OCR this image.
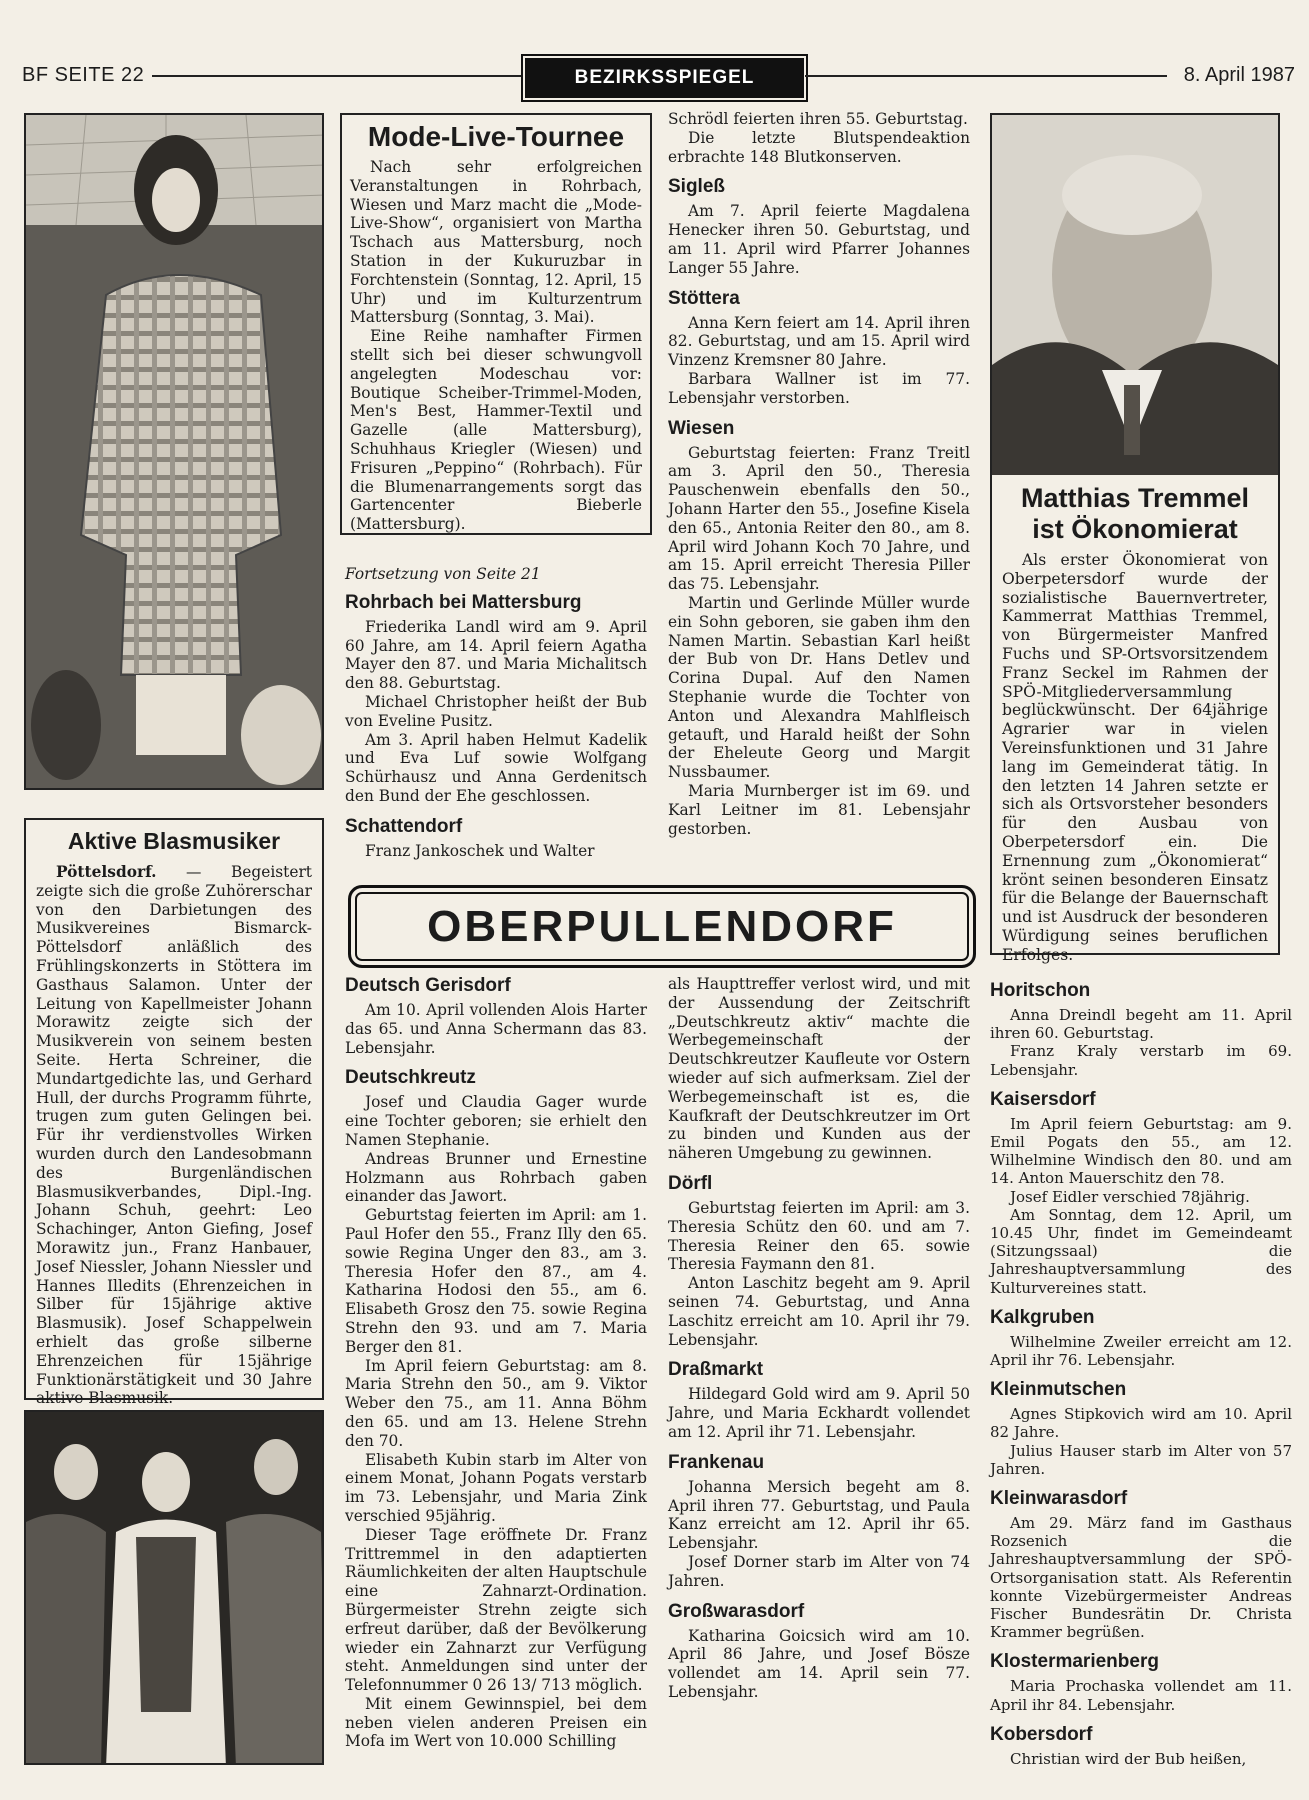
BF SEITE 22	BEZIRKSSPIEGEL	8. April 1987
Mode-Live-Tournee

Nach sehr erfolgreichen Veranstaltungen in Rohrbach, Wiesen und Marz macht die „Mode-Live-Show“, organisiert von Martha Tschach aus Mattersburg, noch Station in der Kukuruzbar in Forchtenstein (Sonntag, 12. April, 15 Uhr) und im Kulturzentrum Mattersburg (Sonntag, 3. Mai).

Eine Reihe namhafter Firmen stellt sich bei dieser schwungvoll angelegten Modeschau vor: Boutique Scheiber-Trimmel-Moden, Men's Best, Hammer-Textil und Gazelle (alle Mattersburg), Schuhhaus Kriegler (Wiesen) und Frisuren „Peppino“ (Rohrbach). Für die Blumenarrangements sorgt das Gartencenter Bieberle (Mattersburg).

Fortsetzung von Seite 21
Rohrbach bei Mattersburg

Friederika Landl wird am 9. April 60 Jahre, am 14. April feiern Agatha Mayer den 87. und Maria Michalitsch den 88. Geburtstag.

Michael Christopher heißt der Bub von Eveline Pusitz.

Am 3. April haben Helmut Kadelik und Eva Luf sowie Wolfgang Schürhausz und Anna Gerdenitsch den Bund der Ehe geschlossen.

Schattendorf

Franz Jankoschek und Walter

Schrödl feierten ihren 55. Geburtstag.

Die letzte Blutspendeaktion erbrachte 148 Blutkonserven.

Sigleß

Am 7. April feierte Magdalena Henecker ihren 50. Geburtstag, und am 11. April wird Pfarrer Johannes Langer 55 Jahre.

Stöttera

Anna Kern feiert am 14. April ihren 82. Geburtstag, und am 15. April wird Vinzenz Kremsner 80 Jahre.

Barbara Wallner ist im 77. Lebensjahr verstorben.

Wiesen

Geburtstag feierten: Franz Treitl am 3. April den 50., Theresia Pauschenwein ebenfalls den 50., Johann Harter den 55., Josefine Kisela den 65., Antonia Reiter den 80., am 8. April wird Johann Koch 70 Jahre, und am 15. April erreicht Theresia Piller das 75. Lebensjahr.

Martin und Gerlinde Müller wurde ein Sohn geboren, sie gaben ihm den Namen Martin. Sebastian Karl heißt der Bub von Dr. Hans Detlev und Corina Dupal. Auf den Namen Stephanie wurde die Tochter von Anton und Alexandra Mahlfleisch getauft, und Harald heißt der Sohn der Eheleute Georg und Margit Nussbaumer.

Maria Murnberger ist im 69. und Karl Leitner im 81. Lebensjahr gestorben.

Matthias Tremmel ist Ökonomierat

Als erster Ökonomierat von Oberpetersdorf wurde der sozialistische Bauernvertreter, Kammerrat Matthias Tremmel, von Bürgermeister Manfred Fuchs und SP-Ortsvorsitzendem Franz Seckel im Rahmen der SPÖ-Mitgliederversammlung beglückwünscht. Der 64jährige Agrarier war in vielen Vereinsfunktionen und 31 Jahre lang im Gemeinderat tätig. In den letzten 14 Jahren setzte er sich als Ortsvorsteher besonders für den Ausbau von Oberpetersdorf ein. Die Ernennung zum „Ökonomierat“ krönt seinen besonderen Einsatz für die Belange der Bauernschaft und ist Ausdruck der besonderen Würdigung seines beruflichen Erfolges.

Aktive Blasmusiker

Pöttelsdorf. — Begeistert zeigte sich die große Zuhörerschar von den Darbietungen des Musikvereines Bismarck-Pöttelsdorf anläßlich des Frühlingskonzerts in Stöttera im Gasthaus Salamon. Unter der Leitung von Kapellmeister Johann Morawitz zeigte sich der Musikverein von seinem besten Seite. Herta Schreiner, die Mundartgedichte las, und Gerhard Hull, der durchs Programm führte, trugen zum guten Gelingen bei. Für ihr verdienstvolles Wirken wurden durch den Landesobmann des Burgenländischen Blasmusikverbandes, Dipl.-Ing. Johann Schuh, geehrt: Leo Schachinger, Anton Giefing, Josef Morawitz jun., Franz Hanbauer, Josef Niessler, Johann Niessler und Hannes Illedits (Ehrenzeichen in Silber für 15jährige aktive Blasmusik). Josef Schappelwein erhielt das große silberne Ehrenzeichen für 15jährige Funktionärstätigkeit und 30 Jahre aktive Blasmusik.

OBERPULLENDORF
Deutsch Gerisdorf

Am 10. April vollenden Alois Harter das 65. und Anna Schermann das 83. Lebensjahr.

Deutschkreutz

Josef und Claudia Gager wurde eine Tochter geboren; sie erhielt den Namen Stephanie.

Andreas Brunner und Ernestine Holzmann aus Rohrbach gaben einander das Jawort.

Geburtstag feierten im April: am 1. Paul Hofer den 55., Franz Illy den 65. sowie Regina Unger den 83., am 3. Theresia Hofer den 87., am 4. Katharina Hodosi den 55., am 6. Elisabeth Grosz den 75. sowie Regina Strehn den 93. und am 7. Maria Berger den 81.

Im April feiern Geburtstag: am 8. Maria Strehn den 50., am 9. Viktor Weber den 75., am 11. Anna Böhm den 65. und am 13. Helene Strehn den 70.

Elisabeth Kubin starb im Alter von einem Monat, Johann Pogats verstarb im 73. Lebensjahr, und Maria Zink verschied 95jährig.

Dieser Tage eröffnete Dr. Franz Trittremmel in den adaptierten Räumlichkeiten der alten Hauptschule eine Zahnarzt-Ordination. Bürgermeister Strehn zeigte sich erfreut darüber, daß der Bevölkerung wieder ein Zahnarzt zur Verfügung steht. Anmeldungen sind unter der Telefonnummer 0 26 13/ 713 möglich.

Mit einem Gewinnspiel, bei dem neben vielen anderen Preisen ein Mofa im Wert von 10.000 Schilling

als Haupttreffer verlost wird, und mit der Aussendung der Zeitschrift „Deutschkreutz aktiv“ machte die Werbegemeinschaft der Deutschkreutzer Kaufleute vor Ostern wieder auf sich aufmerksam. Ziel der Werbegemeinschaft ist es, die Kaufkraft der Deutschkreutzer im Ort zu binden und Kunden aus der näheren Umgebung zu gewinnen.

Dörfl

Geburtstag feierten im April: am 3. Theresia Schütz den 60. und am 7. Theresia Reiner den 65. sowie Theresia Faymann den 81.

Anton Laschitz begeht am 9. April seinen 74. Geburtstag, und Anna Laschitz erreicht am 10. April ihr 79. Lebensjahr.

Draßmarkt

Hildegard Gold wird am 9. April 50 Jahre, und Maria Eckhardt vollendet am 12. April ihr 71. Lebensjahr.

Frankenau

Johanna Mersich begeht am 8. April ihren 77. Geburtstag, und Paula Kanz erreicht am 12. April ihr 65. Lebensjahr.

Josef Dorner starb im Alter von 74 Jahren.

Großwarasdorf

Katharina Goicsich wird am 10. April 86 Jahre, und Josef Bösze vollendet am 14. April sein 77. Lebensjahr.

Horitschon

Anna Dreindl begeht am 11. April ihren 60. Geburtstag.

Franz Kraly verstarb im 69. Lebensjahr.

Kaisersdorf

Im April feiern Geburtstag: am 9. Emil Pogats den 55., am 12. Wilhelmine Windisch den 80. und am 14. Anton Mauerschitz den 78.

Josef Eidler verschied 78jährig.

Am Sonntag, dem 12. April, um 10.45 Uhr, findet im Gemeindeamt (Sitzungssaal) die Jahreshauptversammlung des Kulturvereines statt.

Kalkgruben

Wilhelmine Zweiler erreicht am 12. April ihr 76. Lebensjahr.

Kleinmutschen

Agnes Stipkovich wird am 10. April 82 Jahre.

Julius Hauser starb im Alter von 57 Jahren.

Kleinwarasdorf

Am 29. März fand im Gasthaus Rozsenich die Jahreshauptversammlung der SPÖ-Ortsorganisation statt. Als Referentin konnte Vizebürgermeister Andreas Fischer Bundesrätin Dr. Christa Krammer begrüßen.

Klostermarienberg

Maria Prochaska vollendet am 11. April ihr 84. Lebensjahr.

Kobersdorf

Christian wird der Bub heißen,
